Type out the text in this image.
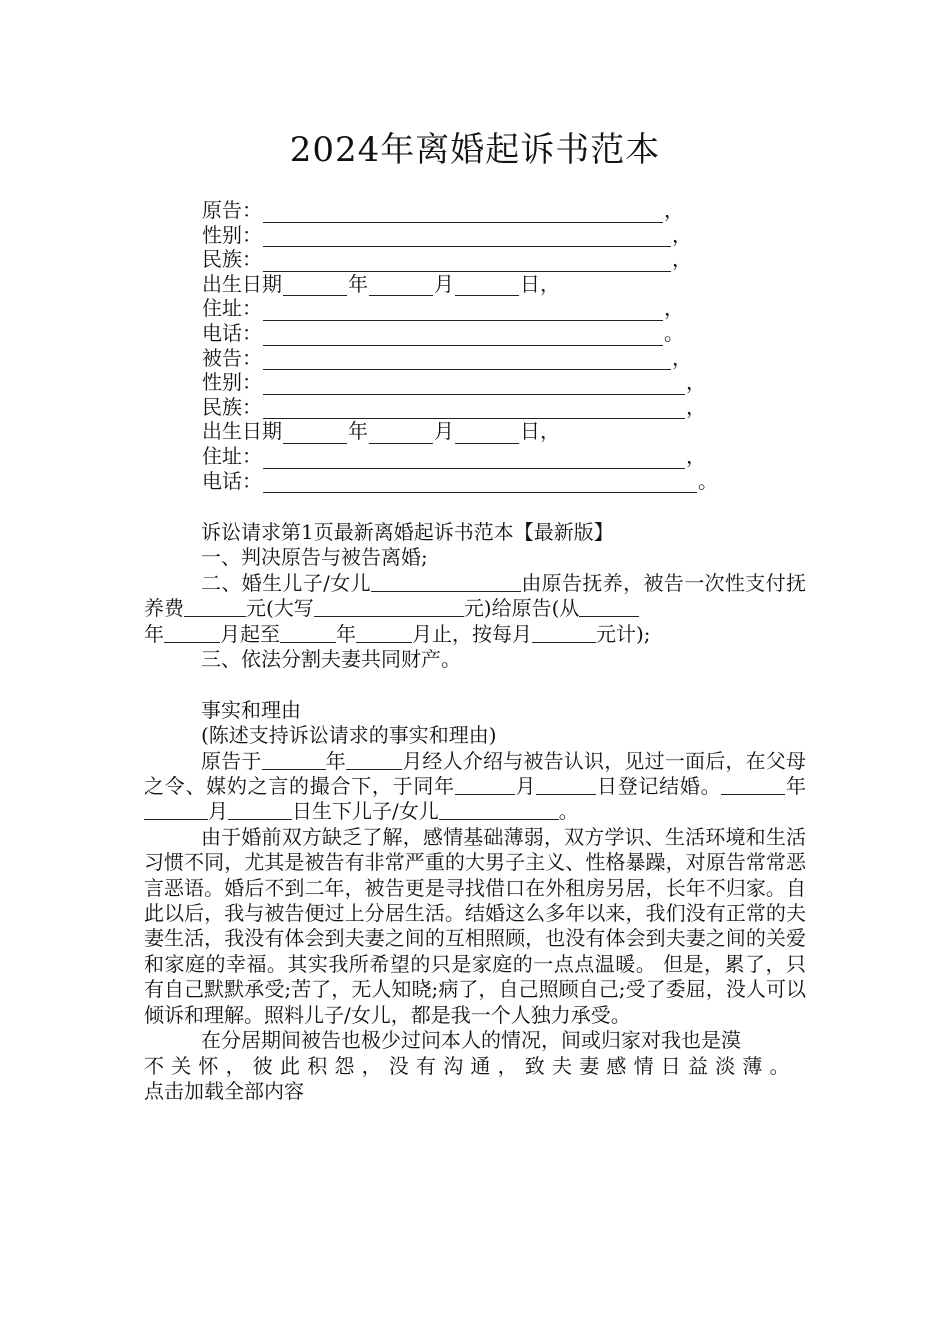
2024年离婚起诉书范本
原告：	，
性别：	，
民族：	，
出生日期	年	月	日，
住址：	，
电话：	。
被告：	，
性别：	，
民族：	，
出生日期	年	月	日，
住址：	，
电话：	。

诉讼请求第1页最新离婚起诉书范本【最新版】

一、判决原告与被告离婚;

二、婚生儿子/女儿	由原告抚养，被告一次性支付抚养费	元(大写	元)给原告(从
年	月起至	年	月止，按每月	元计);

三、依法分割夫妻共同财产。

事实和理由

(陈述支持诉讼请求的事实和理由)

原告于	年	月经人介绍与被告认识，见过一面后，在父母之令、媒妁之言的撮合下，于同年	月	日登记结婚。	年月	日生下儿子/女儿	。

由于婚前双方缺乏了解，感情基础薄弱，双方学识、生活环境和生活习惯不同，尤其是被告有非常严重的大男子主义、性格暴躁，对原告常常恶言恶语。婚后不到二年，被告更是寻找借口在外租房另居，长年不归家。自此以后，我与被告便过上分居生活。结婚这么多年以来，我们没有正常的夫妻生活，我没有体会到夫妻之间的互相照顾，也没有体会到夫妻之间的关爱和家庭的幸福。其实我所希望的只是家庭的一点点温暖。 但是，累了，只有自己默默承受;苦了，无人知晓;病了，自己照顾自己;受了委屈，没人可以倾诉和理解。照料儿子/女儿，都是我一个人独力承受。

在分居期间被告也极少过问本人的情况，间或归家对我也是漠

不关怀，彼此积怨，没有沟通，致夫妻感情日益淡薄。

点击加载全部内容
